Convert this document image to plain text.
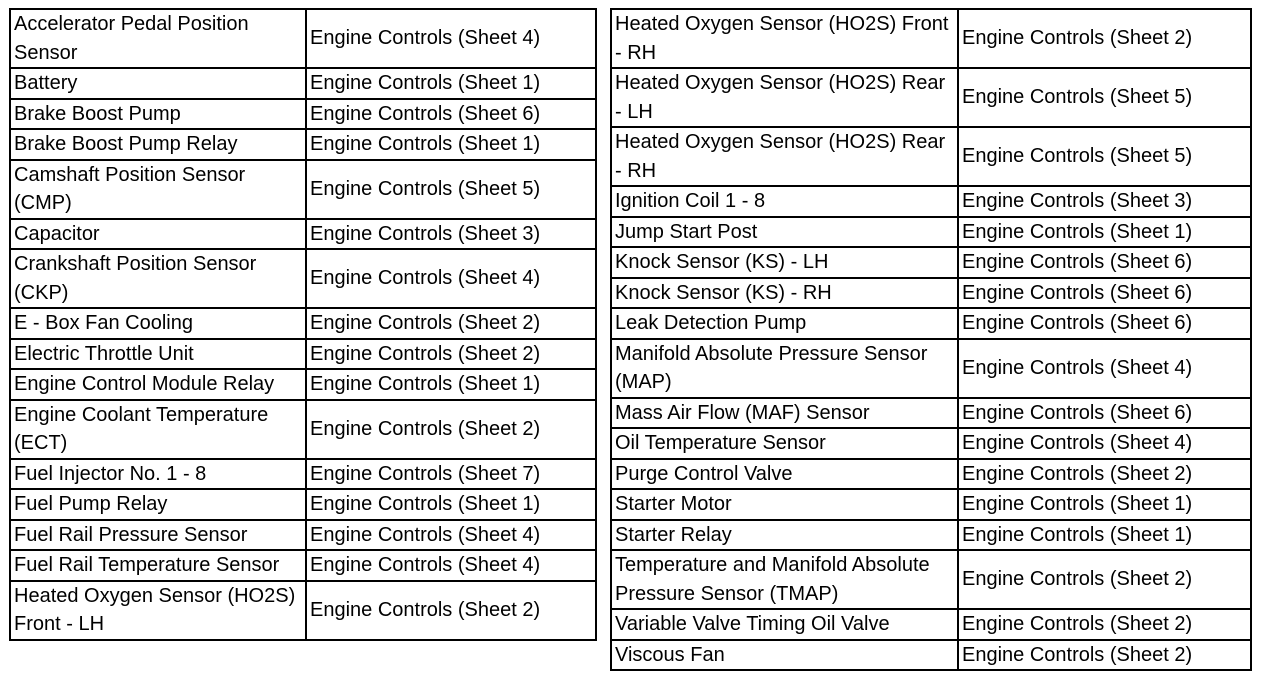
Accelerator Pedal Position Sensor	Engine Controls (Sheet 4)
Battery	Engine Controls (Sheet 1)
Brake Boost Pump	Engine Controls (Sheet 6)
Brake Boost Pump Relay	Engine Controls (Sheet 1)
Camshaft Position Sensor (CMP)	Engine Controls (Sheet 5)
Capacitor	Engine Controls (Sheet 3)
Crankshaft Position Sensor (CKP)	Engine Controls (Sheet 4)
E - Box Fan Cooling	Engine Controls (Sheet 2)
Electric Throttle Unit	Engine Controls (Sheet 2)
Engine Control Module Relay	Engine Controls (Sheet 1)
Engine Coolant Temperature (ECT)	Engine Controls (Sheet 2)
Fuel Injector No. 1 - 8	Engine Controls (Sheet 7)
Fuel Pump Relay	Engine Controls (Sheet 1)
Fuel Rail Pressure Sensor	Engine Controls (Sheet 4)
Fuel Rail Temperature Sensor	Engine Controls (Sheet 4)
Heated Oxygen Sensor (HO2S) Front - LH	Engine Controls (Sheet 2)
Heated Oxygen Sensor (HO2S) Front - RH	Engine Controls (Sheet 2)
Heated Oxygen Sensor (HO2S) Rear - LH	Engine Controls (Sheet 5)
Heated Oxygen Sensor (HO2S) Rear - RH	Engine Controls (Sheet 5)
Ignition Coil 1 - 8	Engine Controls (Sheet 3)
Jump Start Post	Engine Controls (Sheet 1)
Knock Sensor (KS) - LH	Engine Controls (Sheet 6)
Knock Sensor (KS) - RH	Engine Controls (Sheet 6)
Leak Detection Pump	Engine Controls (Sheet 6)
Manifold Absolute Pressure Sensor (MAP)	Engine Controls (Sheet 4)
Mass Air Flow (MAF) Sensor	Engine Controls (Sheet 6)
Oil Temperature Sensor	Engine Controls (Sheet 4)
Purge Control Valve	Engine Controls (Sheet 2)
Starter Motor	Engine Controls (Sheet 1)
Starter Relay	Engine Controls (Sheet 1)
Temperature and Manifold Absolute Pressure Sensor (TMAP)	Engine Controls (Sheet 2)
Variable Valve Timing Oil Valve	Engine Controls (Sheet 2)
Viscous Fan	Engine Controls (Sheet 2)
